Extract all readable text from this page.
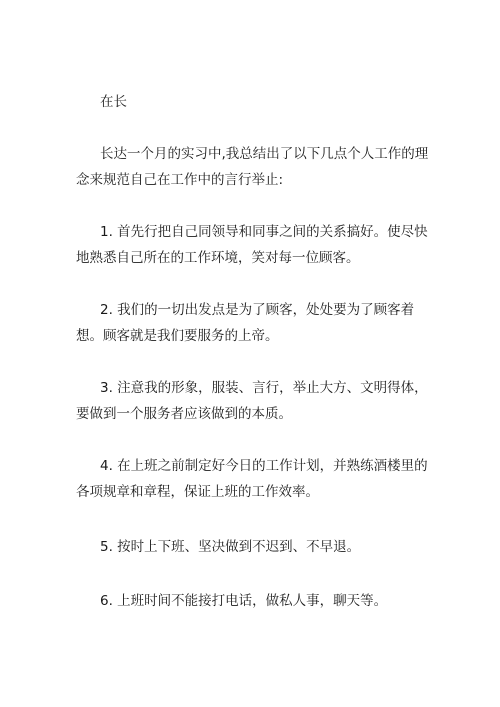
在长

长达一个月的实习中,我总结出了以下几点个人工作的理念来规范自己在工作中的言行举止:

1. 首先行把自己同领导和同事之间的关系搞好。使尽快地熟悉自己所在的工作环境，笑对每一位顾客。

2. 我们的一切出发点是为了顾客，处处要为了顾客着想。顾客就是我们要服务的上帝。

3. 注意我的形象，服装、言行，举止大方、文明得体，要做到一个服务者应该做到的本质。

4. 在上班之前制定好今日的工作计划，并熟练酒楼里的各项规章和章程，保证上班的工作效率。

5. 按时上下班、坚决做到不迟到、不早退。

6. 上班时间不能接打电话，做私人事，聊天等。
